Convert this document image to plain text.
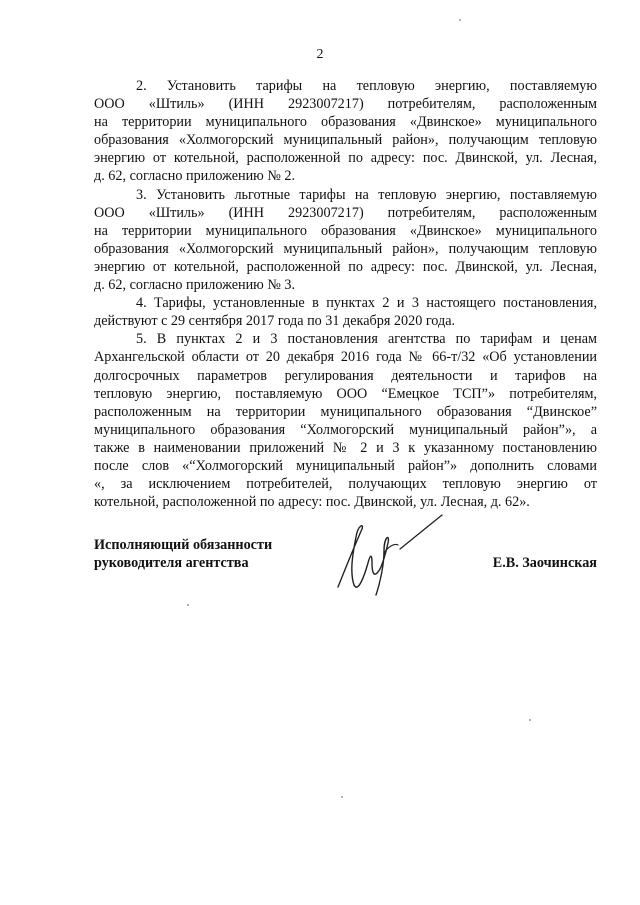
2

2. Установить тарифы на тепловую энергию, поставляемую
ООО «Штиль» (ИНН 2923007217) потребителям, расположенным
на территории муниципального образования «Двинское» муниципального
образования «Холмогорский муниципальный район», получающим тепловую
энергию от котельной, расположенной по адресу: пос. Двинской, ул. Лесная,
д. 62, согласно приложению № 2.

3. Установить льготные тарифы на тепловую энергию, поставляемую
ООО «Штиль» (ИНН 2923007217) потребителям, расположенным
на территории муниципального образования «Двинское» муниципального
образования «Холмогорский муниципальный район», получающим тепловую
энергию от котельной, расположенной по адресу: пос. Двинской, ул. Лесная,
д. 62, согласно приложению № 3.

4. Тарифы, установленные в пунктах 2 и 3 настоящего постановления,
действуют с 29 сентября 2017 года по 31 декабря 2020 года.

5. В пунктах 2 и 3 постановления агентства по тарифам и ценам
Архангельской области от 20 декабря 2016 года № 66-т/32 «Об установлении
долгосрочных параметров регулирования деятельности и тарифов на
тепловую энергию, поставляемую ООО “Емецкое ТСП”» потребителям,
расположенным на территории муниципального образования “Двинское”
муниципального образования “Холмогорский муниципальный район”», а
также в наименовании приложений № 2 и 3 к указанному постановлению
после слов «“Холмогорский муниципальный район”» дополнить словами
«, за исключением потребителей, получающих тепловую энергию от
котельной, расположенной по адресу: пос. Двинской, ул. Лесная, д. 62».

Исполняющий обязанности
руководителя агентства	Е.В. Заочинская
